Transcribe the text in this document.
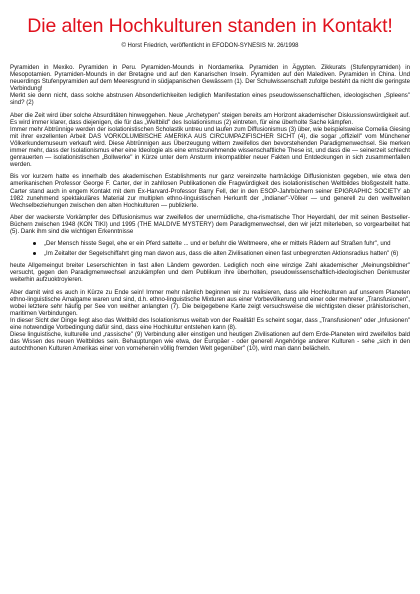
Die alten Hochkulturen standen in Kontakt!
© Horst Friedrich, veröffentlicht in EFODON-SYNESIS Nr. 26/1998

Pyramiden in Mexiko. Pyramiden in Peru. Pyramiden-Mounds in Nordamerika. Pyramiden in Ägypten. Zikkurats (Stufenpyramiden) in Mesopotamien. Pyramiden-Mounds in der Bretagne und auf den Kanarischen Inseln. Pyramiden auf den Malediven. Pyramiden in China. Und neuerdings Stufenpyramiden auf dem Meeresgrund in südjapanischen Gewässern (1). Der Schulwissenschaft zufolge besteht da nicht die geringste Verbindung!

Merkt sie denn nicht, dass solche abstrusen Absonderlichkeiten lediglich Manifestation eines pseudowissenschaftlichen, ideologischen „Spleens" sind? (2)

Aber die Zeit wird über solche Absurditäten hinweggehen. Neue „Archetypen" steigen bereits am Horizont akademischer Diskussionswürdigkeit auf. Es wird immer klarer, dass diejenigen, die für das „Weltbild" des Isolationismus (2) eintreten, für eine überholte Sache kämpfen.

Immer mehr Abtrünnige werden der isolationistischen Scholastik untreu und laufen zum Diffusionismus (3) über, wie beispielsweise Cornelia Giesing mit ihrer exzellenten Arbeit DAS VORKOLUMBISCHE AMERIKA AUS CIRCUMPAZIFISCHER SICHT (4), die sogar „offiziell" vom Münchener Völkerkundemuseum verkauft wird. Diese Abtrünnigen aus Überzeugung wittern zweifellos den bevorstehenden Paradigmenwechsel. Sie merken immer mehr, dass der Isolationismus eher eine Ideologie als eine ernstzunehmende wissenschaftliche These ist, und dass die — seinerzeit schlecht genrauerten — isolationistischen „Bollwerke" in Kürze unter dem Ansturm inkompatibler neuer Fakten und Entdeckungen in sich zusammenfallen werden.

Bis vor kurzem hatte es innerhalb des akademischen Establishments nur ganz vereinzelte hartnäckige Diffusionisten gegeben, wie etwa den amerikanischen Professor George F. Carter, der in zahllosen Publikationen die Fragwürdigkeit des isolationistischen Weltbildes bloßgestellt hatte. Carter stand auch in engem Kontakt mit dem Ex-Harvard-Professor Barry Fell, der in den ESOP-Jahrbüchern seiner EPIGRAPHIC SOCIETY ab 1982 zunehmend spektakuläres Material zur multiplen ethno-linguistischen Herkunft der „Indianer"-Völker — und generell zu den weltweiten Wechselbeziehungen zwischen den alten Hochkulturen — publizierte.

Aber der wackerste Vorkämpfer des Diffusionismus war zweifellos der unermüdliche, cha-rismatische Thor Heyerdahl, der mit seinen Bestseller-Büchern zwischen 1948 (KON TIKI) und 1995 (THE MALDIVE MYSTERY) dem Paradigmenwechsel, den wir jetzt miterleben, so vorgearbeitet hat (5). Dank ihm sind die wichtigen Erkenntnisse

„Der Mensch hisste Segel, ehe er ein Pferd sattelte ... und er befuhr die Weltmeere, ehe er mittels Rädern auf Straßen fuhr", und
„Im Zeitalter der Segelschiffahrt ging man davon aus, dass die alten Zivilisationen einen fast unbegrenzten Aktionsradius hatten" (6)

heute Allgemeingut breiter Leserschichten in fast allen Ländern geworden. Lediglich noch eine winzige Zahl akademischer „Meinungsbildner" versucht, gegen den Paradigmenwechsel anzukämpfen und dem Publikum ihre überholten, pseudowissenschaftlich-ideologischen Denkmuster weiterhin aufzuoktroyieren.

Aber damit wird es auch in Kürze zu Ende sein! Immer mehr nämlich beginnen wir zu realisieren, dass alle Hochkulturen auf unserem Planeten ethno-linguistische Amalgame waren und sind, d.h. ethno-linguistische Mixturen aus einer Vorbevölkerung und einer oder mehrerer „Transfusionen", wobei letztere sehr häufig per See von weither anlangten (7). Die beigegebene Karte zeigt versuchsweise die wichtigsten dieser prähistorischen, maritimen Verbindungen.

In dieser Sicht der Dinge liegt also das Weltbild des Isolationismus weitab von der Realität! Es scheint sogar, dass „Transfusionen" oder „Infusionen" eine notwendige Vorbedingung dafür sind, dass eine Hochkultur entstehen kann (8).

Diese linguistische, kulturelle und „rassische" (9) Verbindung aller einstigen und heutigen Zivilisationen auf dem Erde-Planeten wird zweifellos bald das Wissen des neuen Weltbildes sein. Behauptungen wie etwa, der Europäer - oder generell Angehörige anderer Kulturen - sehe „sich in den autochthonen Kulturen Amerikas einer von vorneherein völlig fremden Welt gegenüber" (10), wird man dann belächeln.
